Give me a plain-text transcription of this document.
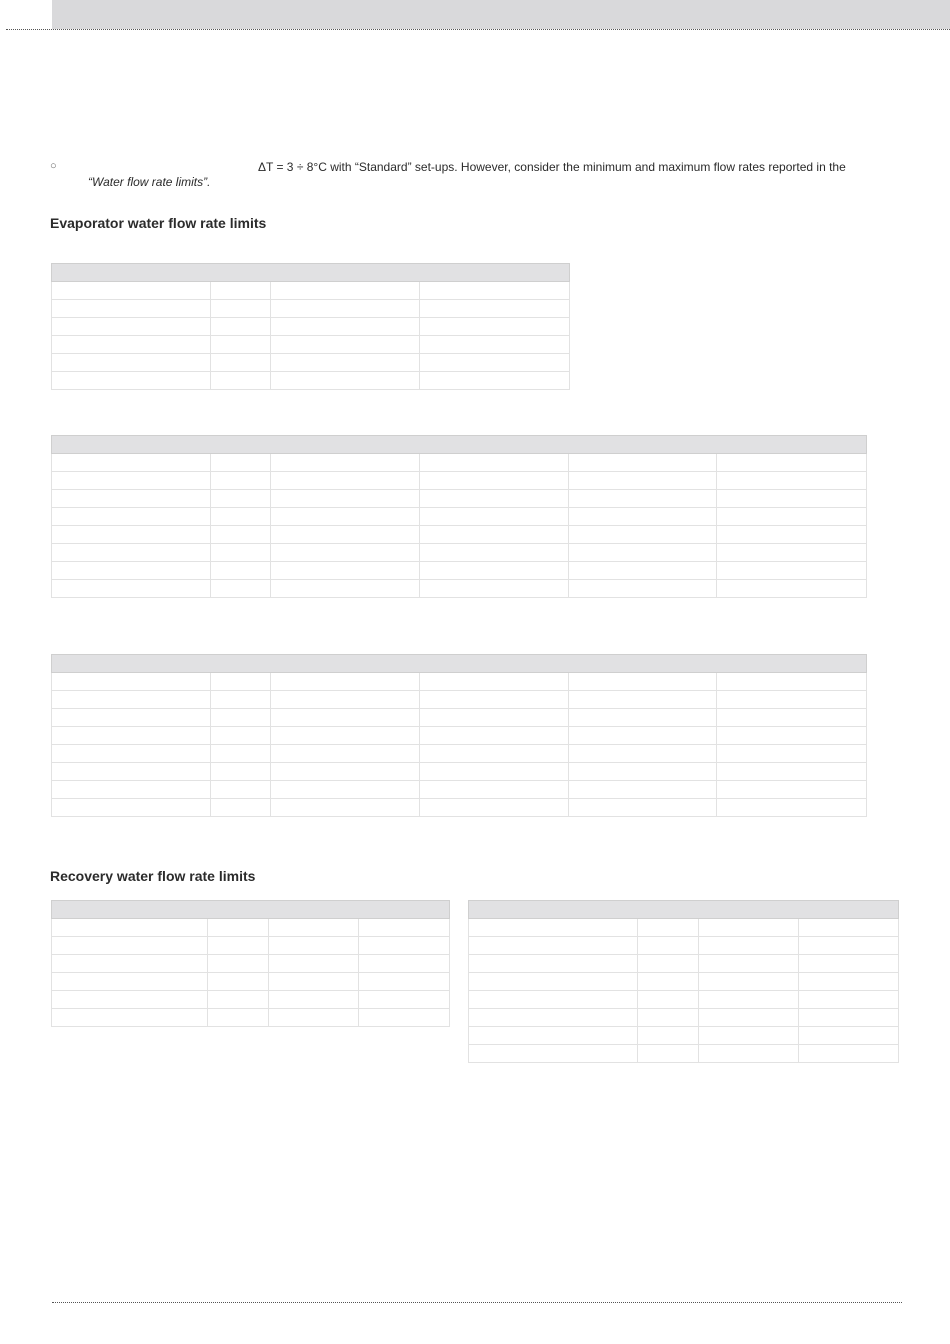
○	ΔT = 3 ÷ 8°C with “Standard” set-ups. However, consider the minimum and maximum flow rates reported in the
“Water flow rate limits”.
Evaporator water flow rate limits

Recovery water flow rate limits
